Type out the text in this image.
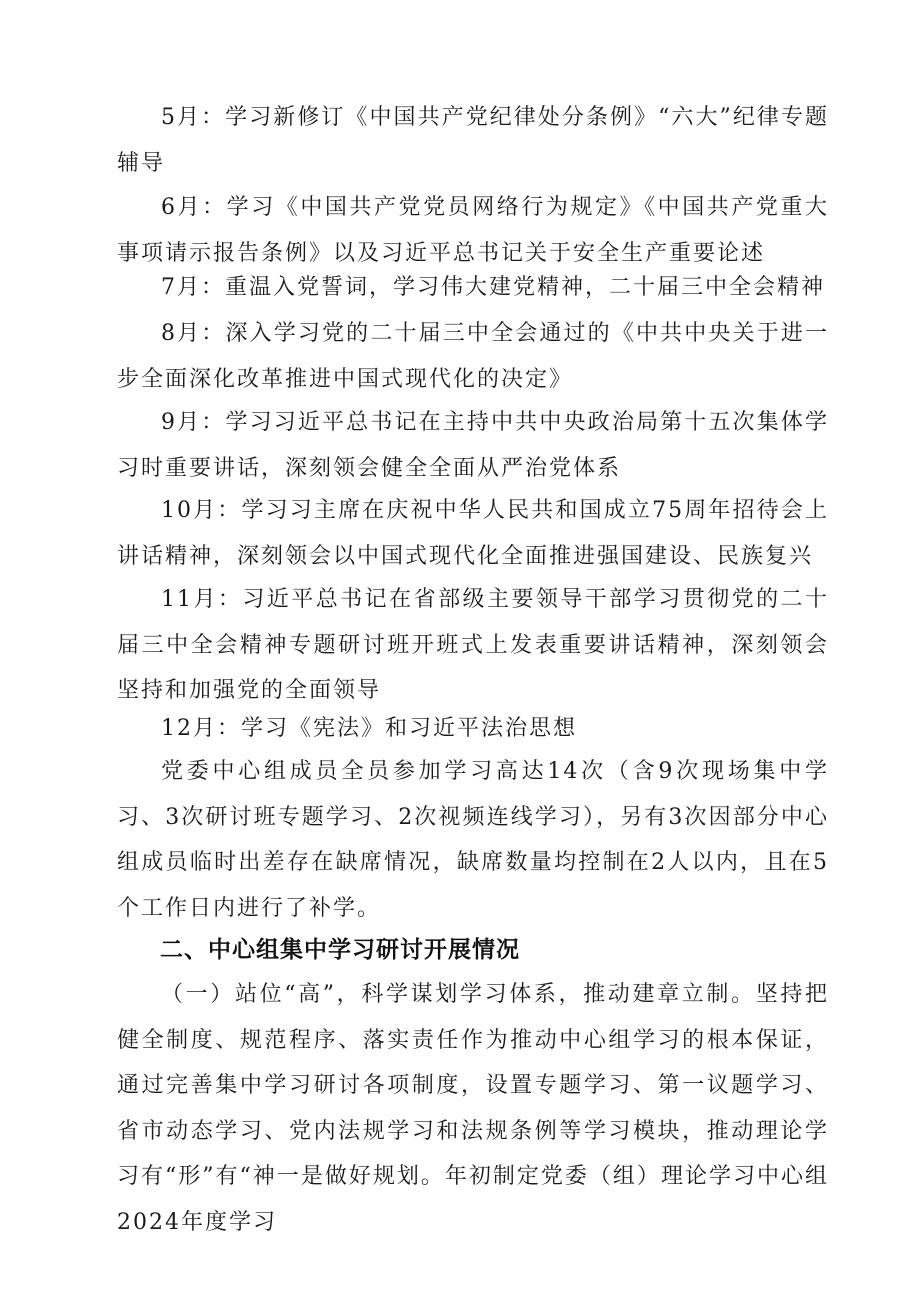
5月：学习新修订《中国共产党纪律处分条例》“六大”纪律专题辅导

6月：学习《中国共产党党员网络行为规定》《中国共产党重大事项请示报告条例》以及习近平总书记关于安全生产重要论述

7月：重温入党誓词，学习伟大建党精神，二十届三中全会精神

8月：深入学习党的二十届三中全会通过的《中共中央关于进一步全面深化改革推进中国式现代化的决定》

9月：学习习近平总书记在主持中共中央政治局第十五次集体学习时重要讲话，深刻领会健全全面从严治党体系

10月：学习习主席在庆祝中华人民共和国成立75周年招待会上讲话精神，深刻领会以中国式现代化全面推进强国建设、民族复兴

11月：习近平总书记在省部级主要领导干部学习贯彻党的二十届三中全会精神专题研讨班开班式上发表重要讲话精神，深刻领会坚持和加强党的全面领导

12月：学习《宪法》和习近平法治思想

党委中心组成员全员参加学习高达14次（含9次现场集中学习、3次研讨班专题学习、2次视频连线学习），另有3次因部分中心组成员临时出差存在缺席情况，缺席数量均控制在2人以内，且在5个工作日内进行了补学。

二、中心组集中学习研讨开展情况

（一）站位“高”，科学谋划学习体系，推动建章立制。坚持把健全制度、规范程序、落实责任作为推动中心组学习的根本保证，通过完善集中学习研讨各项制度，设置专题学习、第一议题学习、省市动态学习、党内法规学习和法规条例等学习模块，推动理论学习有“形”有“神一是做好规划。年初制定党委（组）理论学习中心组2024年度学习
